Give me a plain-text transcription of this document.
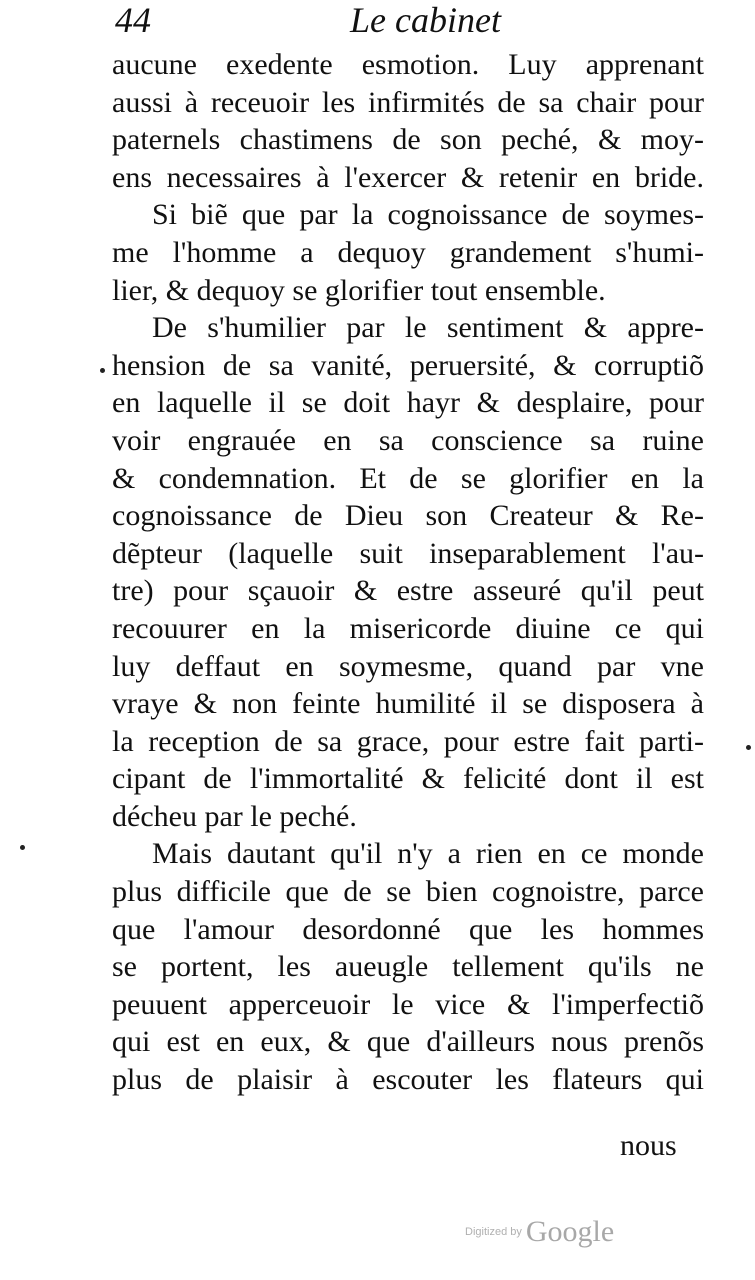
44	Le cabinet
aucune exedente esmotion. Luy apprenant
aussi à receuoir les infirmités de sa chair pour
paternels chastimens de son peché, & moy-
ens necessaires à l'exercer & retenir en bride.
Si biẽ que par la cognoissance de soymes-
me l'homme a dequoy grandement s'humi-
lier, & dequoy se glorifier tout ensemble.
De s'humilier par le sentiment & appre-
hension de sa vanité, peruersité, & corruptiõ
en laquelle il se doit hayr & desplaire, pour
voir engrauée en sa conscience sa ruine
& condemnation. Et de se glorifier en la
cognoissance de Dieu son Createur & Re-
dẽpteur (laquelle suit inseparablement l'au-
tre) pour sçauoir & estre asseuré qu'il peut
recouurer en la misericorde diuine ce qui
luy deffaut en soymesme, quand par vne
vraye & non feinte humilité il se disposera à
la reception de sa grace, pour estre fait parti-
cipant de l'immortalité & felicité dont il est
décheu par le peché.
Mais dautant qu'il n'y a rien en ce monde
plus difficile que de se bien cognoistre, parce
que l'amour desordonné que les hommes
se portent, les aueugle tellement qu'ils ne
peuuent apperceuoir le vice & l'imperfectiõ
qui est en eux, & que d'ailleurs nous prenõs
plus de plaisir à escouter les flateurs qui
nous
Digitized by Google
